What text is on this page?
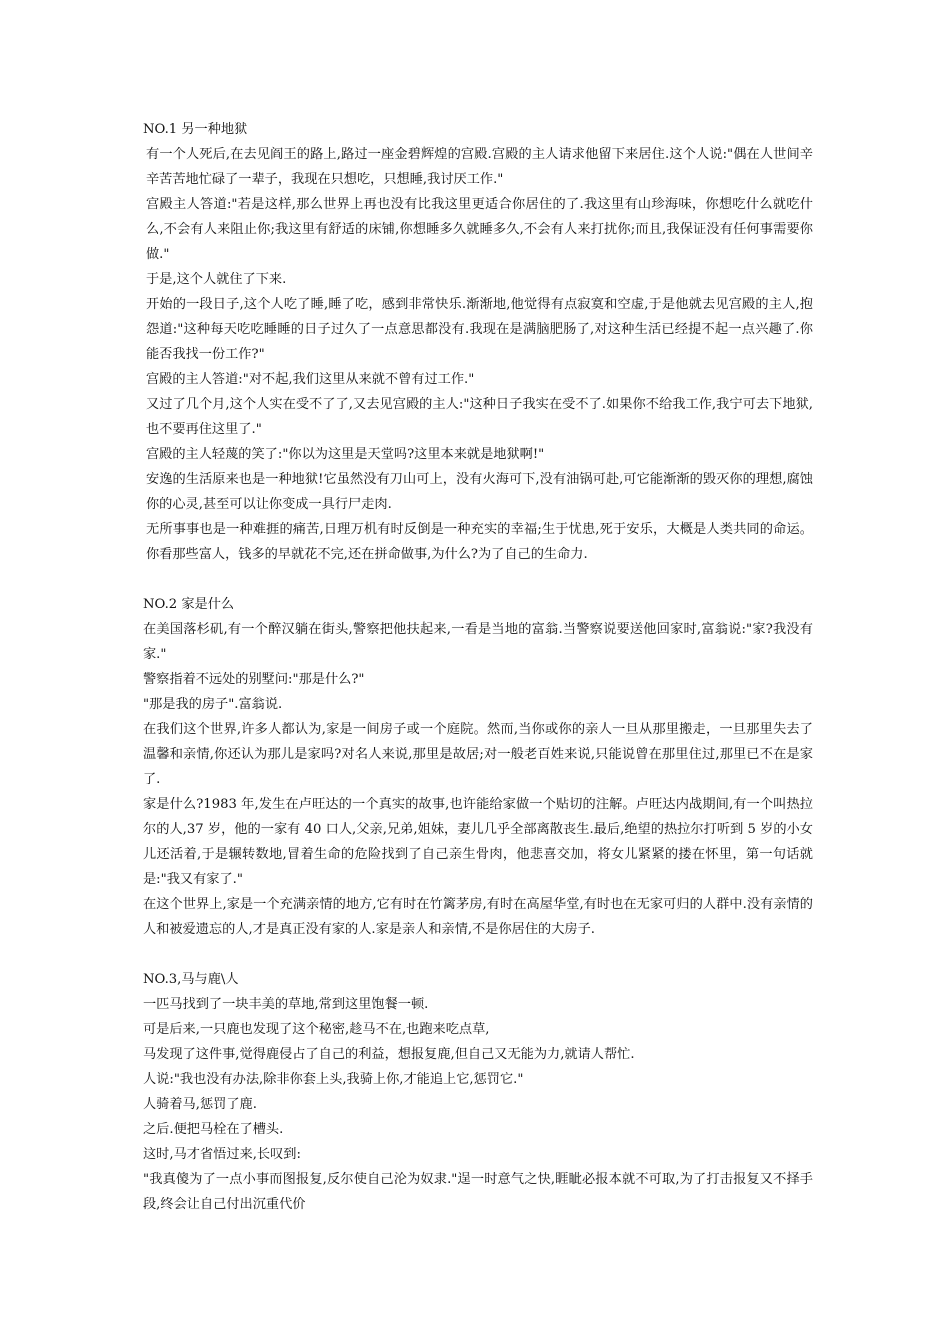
NO.1 另一种地狱

有一个人死后,在去见阎王的路上,路过一座金碧辉煌的宫殿.宫殿的主人请求他留下来居住.这个人说:"偶在人世间辛辛苦苦地忙碌了一辈子，我现在只想吃，只想睡,我讨厌工作."

宫殿主人答道:"若是这样,那么世界上再也没有比我这里更适合你居住的了.我这里有山珍海味，你想吃什么就吃什么,不会有人来阻止你;我这里有舒适的床铺,你想睡多久就睡多久,不会有人来打扰你;而且,我保证没有任何事需要你做."

于是,这个人就住了下来.

开始的一段日子,这个人吃了睡,睡了吃，感到非常快乐.渐渐地,他觉得有点寂寞和空虚,于是他就去见宫殿的主人,抱怨道:"这种每天吃吃睡睡的日子过久了一点意思都没有.我现在是满脑肥肠了,对这种生活已经提不起一点兴趣了.你能否我找一份工作?"

宫殿的主人答道:"对不起,我们这里从来就不曾有过工作."

又过了几个月,这个人实在受不了了,又去见宫殿的主人:"这种日子我实在受不了.如果你不给我工作,我宁可去下地狱,也不要再住这里了."

宫殿的主人轻蔑的笑了:"你以为这里是天堂吗?这里本来就是地狱啊!"

安逸的生活原来也是一种地狱!它虽然没有刀山可上，没有火海可下,没有油锅可赴,可它能渐渐的毁灭你的理想,腐蚀你的心灵,甚至可以让你变成一具行尸走肉.

无所事事也是一种难捱的痛苦,日理万机有时反倒是一种充实的幸福;生于忧患,死于安乐，大概是人类共同的命运。你看那些富人，钱多的早就花不完,还在拼命做事,为什么?为了自己的生命力.

NO.2 家是什么

在美国落杉矶,有一个醉汉躺在街头,警察把他扶起来,一看是当地的富翁.当警察说要送他回家时,富翁说:"家?我没有家."

警察指着不远处的别墅问:"那是什么?"

"那是我的房子".富翁说.

在我们这个世界,许多人都认为,家是一间房子或一个庭院。然而,当你或你的亲人一旦从那里搬走，一旦那里失去了温馨和亲情,你还认为那儿是家吗?对名人来说,那里是故居;对一般老百姓来说,只能说曾在那里住过,那里已不在是家了.

家是什么?1983 年,发生在卢旺达的一个真实的故事,也许能给家做一个贴切的注解。卢旺达内战期间,有一个叫热拉尔的人,37 岁，他的一家有 40 口人,父亲,兄弟,姐妹，妻儿几乎全部离散丧生.最后,绝望的热拉尔打听到 5 岁的小女儿还活着,于是辗转数地,冒着生命的危险找到了自己亲生骨肉，他悲喜交加，将女儿紧紧的搂在怀里，第一句话就是:"我又有家了."

在这个世界上,家是一个充满亲情的地方,它有时在竹篱茅房,有时在高屋华堂,有时也在无家可归的人群中.没有亲情的人和被爱遗忘的人,才是真正没有家的人.家是亲人和亲情,不是你居住的大房子.

NO.3,马与鹿\人

一匹马找到了一块丰美的草地,常到这里饱餐一顿.

可是后来,一只鹿也发现了这个秘密,趁马不在,也跑来吃点草,

马发现了这件事,觉得鹿侵占了自己的利益，想报复鹿,但自己又无能为力,就请人帮忙.

人说:"我也没有办法,除非你套上头,我骑上你,才能追上它,惩罚它."

人骑着马,惩罚了鹿.

之后.便把马栓在了槽头.

这时,马才省悟过来,长叹到:

"我真傻为了一点小事而图报复,反尔使自己沦为奴隶."逞一时意气之快,睚眦必报本就不可取,为了打击报复又不择手段,终会让自己付出沉重代价
